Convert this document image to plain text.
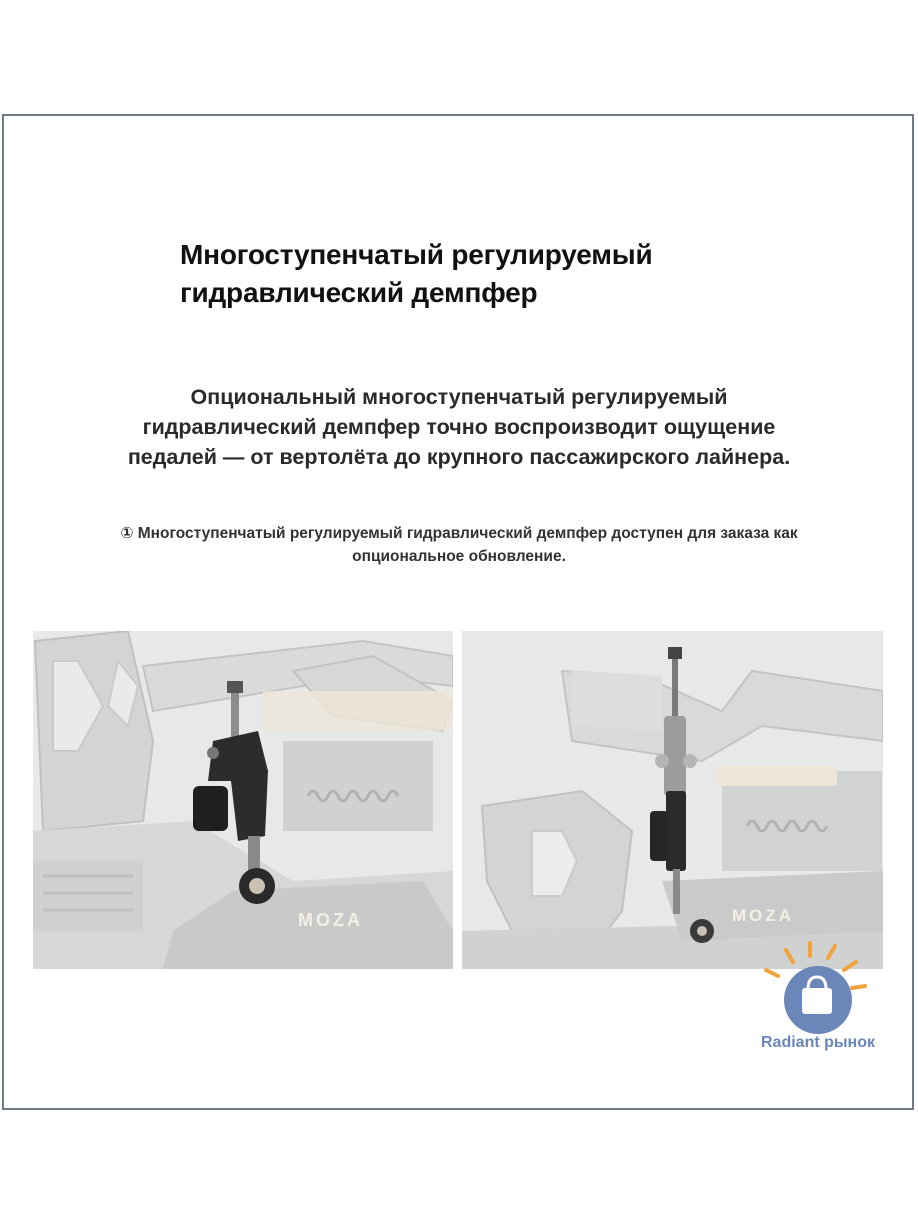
Многоступенчатый регулируемый
гидравлический демпфер
Опциональный многоступенчатый регулируемый
гидравлический демпфер точно воспроизводит ощущение
педалей — от вертолёта до крупного пассажирского лайнера.
① Многоступенчатый регулируемый гидравлический демпфер доступен для заказа как
опциональное обновление.
MOZA	MOZA
Radiant рынок
